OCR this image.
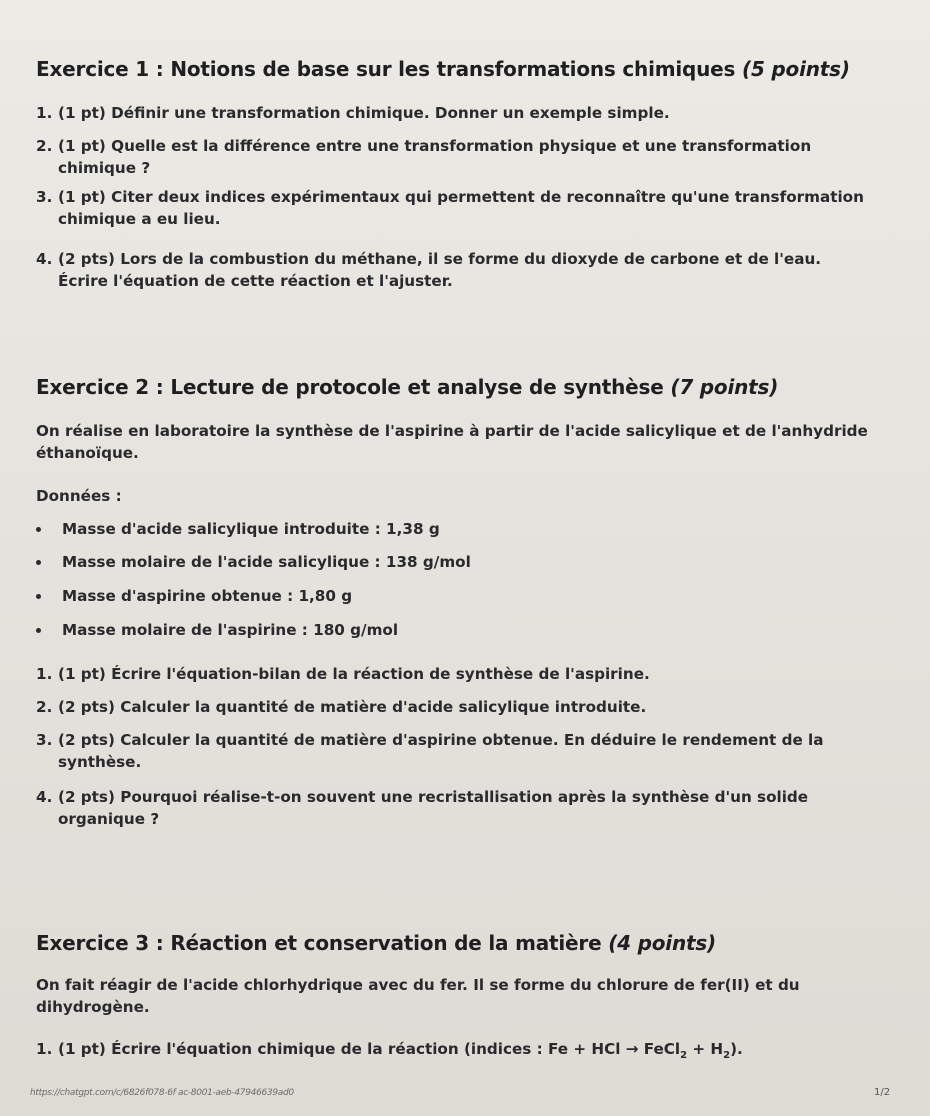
Exercice 1 : Notions de base sur les transformations chimiques (5 points)
1. (1 pt) Définir une transformation chimique. Donner un exemple simple.
2. (1 pt) Quelle est la différence entre une transformation physique et une transformation
chimique ?
3. (1 pt) Citer deux indices expérimentaux qui permettent de reconnaître qu'une transformation
chimique a eu lieu.
4. (2 pts) Lors de la combustion du méthane, il se forme du dioxyde de carbone et de l'eau.
Écrire l'équation de cette réaction et l'ajuster.
Exercice 2 : Lecture de protocole et analyse de synthèse (7 points)
On réalise en laboratoire la synthèse de l'aspirine à partir de l'acide salicylique et de l'anhydride
éthanoïque.
Données :
Masse d'acide salicylique introduite : 1,38 g
Masse molaire de l'acide salicylique : 138 g/mol
Masse d'aspirine obtenue : 1,80 g
Masse molaire de l'aspirine : 180 g/mol
1. (1 pt) Écrire l'équation-bilan de la réaction de synthèse de l'aspirine.
2. (2 pts) Calculer la quantité de matière d'acide salicylique introduite.
3. (2 pts) Calculer la quantité de matière d'aspirine obtenue. En déduire le rendement de la
synthèse.
4. (2 pts) Pourquoi réalise-t-on souvent une recristallisation après la synthèse d'un solide
organique ?
Exercice 3 : Réaction et conservation de la matière (4 points)
On fait réagir de l'acide chlorhydrique avec du fer. Il se forme du chlorure de fer(II) et du
dihydrogène.
1. (1 pt) Écrire l'équation chimique de la réaction (indices : Fe + HCl → FeCl$_2$ + $H_2$).
https://chatgpt.com/c/6826f078-6f ac-8001-aeb-47946639ad0	1/2
